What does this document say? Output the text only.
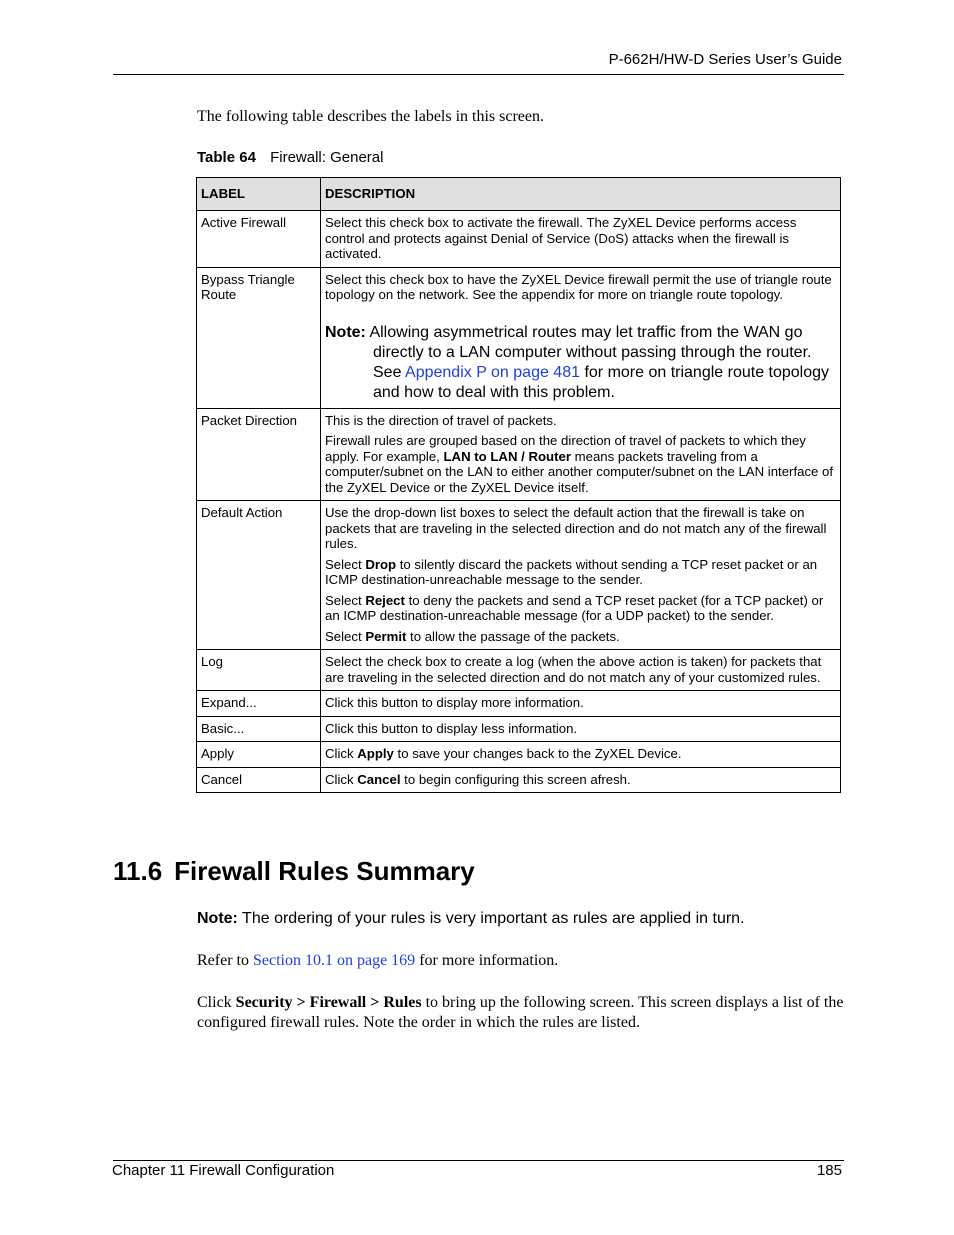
P-662H/HW-D Series User’s Guide
The following table describes the labels in this screen.
Table 64 Firewall: General
LABEL	DESCRIPTION
Active Firewall	Select this check box to activate the firewall. The ZyXEL Device performs access control and protects against Denial of Service (DoS) attacks when the firewall is activated.
Bypass Triangle Route	Select this check box to have the ZyXEL Device firewall permit the use of triangle route topology on the network. See the appendix for more on triangle route topology.

Note: Allowing asymmetrical routes may let traffic from the WAN go directly to a LAN computer without passing through the router. See Appendix P on page 481 for more on triangle route topology and how to deal with this problem.

Packet Direction	This is the direction of travel of packets.

Firewall rules are grouped based on the direction of travel of packets to which they apply. For example, LAN to LAN / Router means packets traveling from a computer/subnet on the LAN to either another computer/subnet on the LAN interface of the ZyXEL Device or the ZyXEL Device itself.

Default Action	Use the drop-down list boxes to select the default action that the firewall is take on packets that are traveling in the selected direction and do not match any of the firewall rules.

Select Drop to silently discard the packets without sending a TCP reset packet or an ICMP destination-unreachable message to the sender.

Select Reject to deny the packets and send a TCP reset packet (for a TCP packet) or an ICMP destination-unreachable message (for a UDP packet) to the sender.

Select Permit to allow the passage of the packets.

Log	Select the check box to create a log (when the above action is taken) for packets that are traveling in the selected direction and do not match any of your customized rules.
Expand...	Click this button to display more information.
Basic...	Click this button to display less information.
Apply	Click Apply to save your changes back to the ZyXEL Device.
Cancel	Click Cancel to begin configuring this screen afresh.
11.6 Firewall Rules Summary
Note: The ordering of your rules is very important as rules are applied in turn.
Refer to Section 10.1 on page 169 for more information.
Click Security > Firewall > Rules to bring up the following screen. This screen displays a list of the configured firewall rules. Note the order in which the rules are listed.
Chapter 11 Firewall Configuration	185
